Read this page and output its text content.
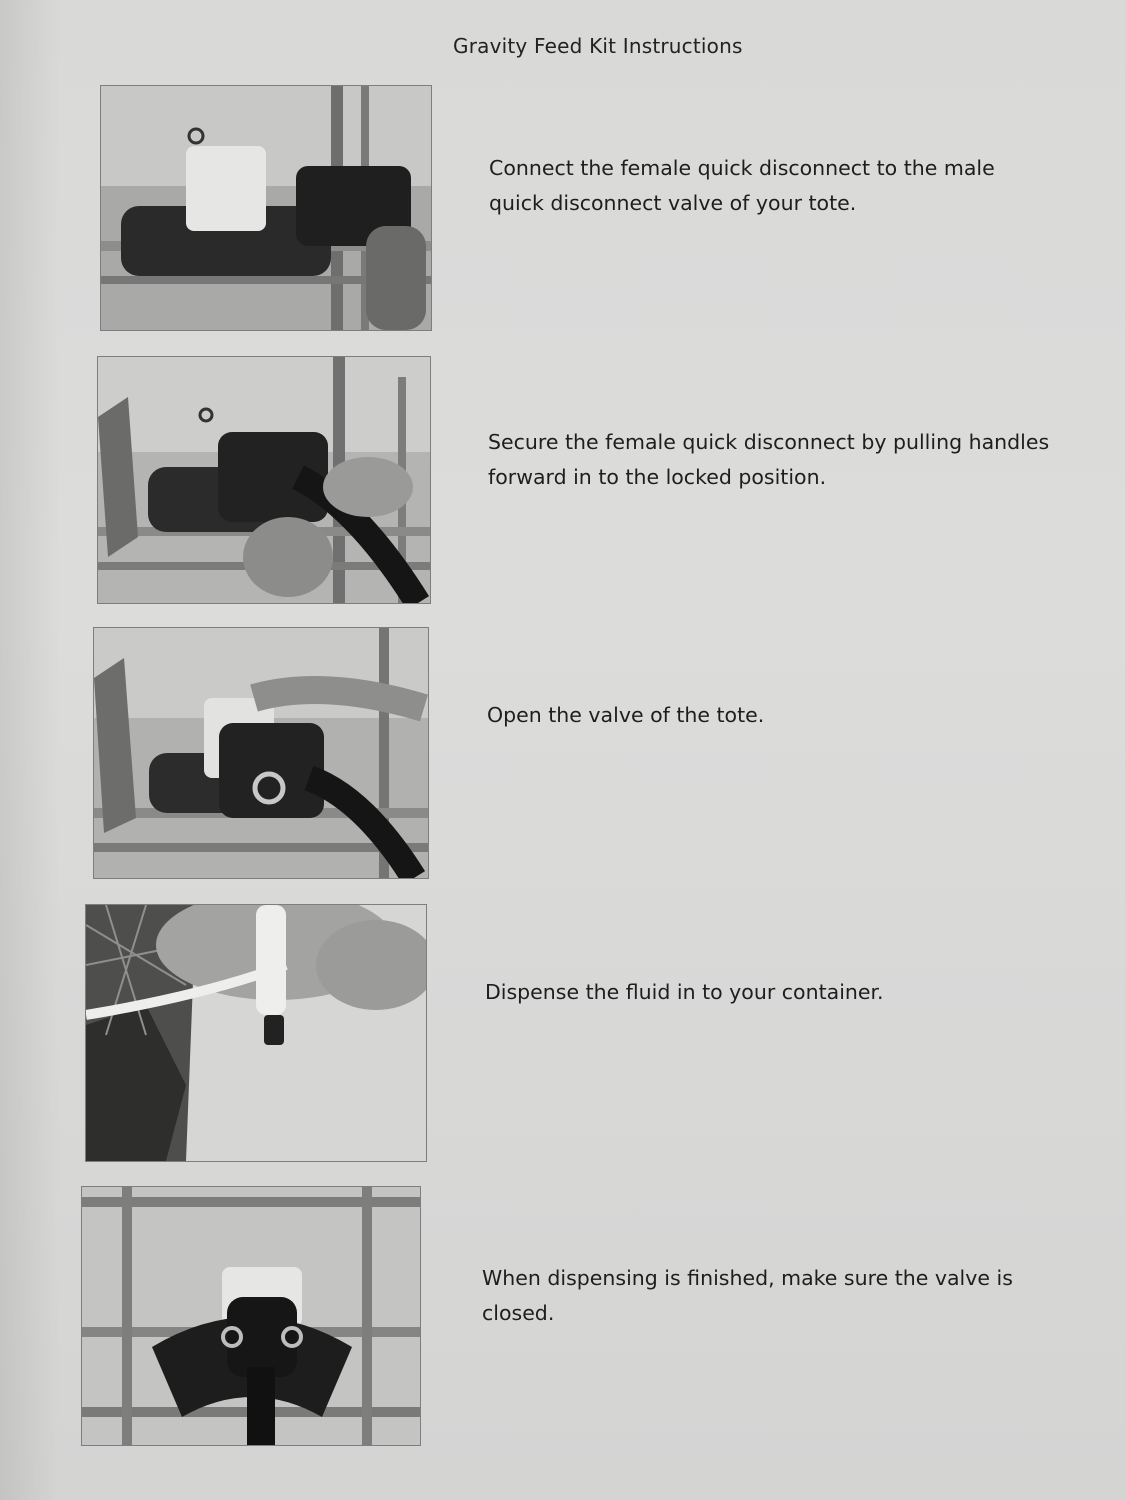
Gravity Feed Kit Instructions
Connect the female quick disconnect to the male
quick disconnect valve of your tote.
Secure the female quick disconnect by pulling handles
forward in to the locked position.
Open the valve of the tote.
Dispense the fluid in to your container.
When dispensing is finished, make sure the valve is
closed.
